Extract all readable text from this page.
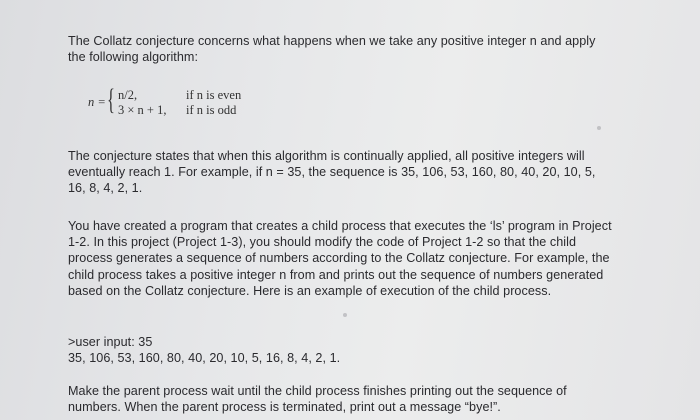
The Collatz conjecture concerns what happens when we take any positive integer n and apply the following algorithm:
n = { n/2,	if n is even
3 × n + 1, if n is odd
The conjecture states that when this algorithm is continually applied, all positive integers will eventually reach 1. For example, if n = 35, the sequence is 35, 106, 53, 160, 80, 40, 20, 10, 5, 16, 8, 4, 2, 1.
You have created a program that creates a child process that executes the ‘ls’ program in Project 1-2. In this project (Project 1-3), you should modify the code of Project 1-2 so that the child process generates a sequence of numbers according to the Collatz conjecture. For example, the child process takes a positive integer n from and prints out the sequence of numbers generated based on the Collatz conjecture. Here is an example of execution of the child process.
>user input: 35
35, 106, 53, 160, 80, 40, 20, 10, 5, 16, 8, 4, 2, 1.
Make the parent process wait until the child process finishes printing out the sequence of numbers. When the parent process is terminated, print out a message “bye!”.
